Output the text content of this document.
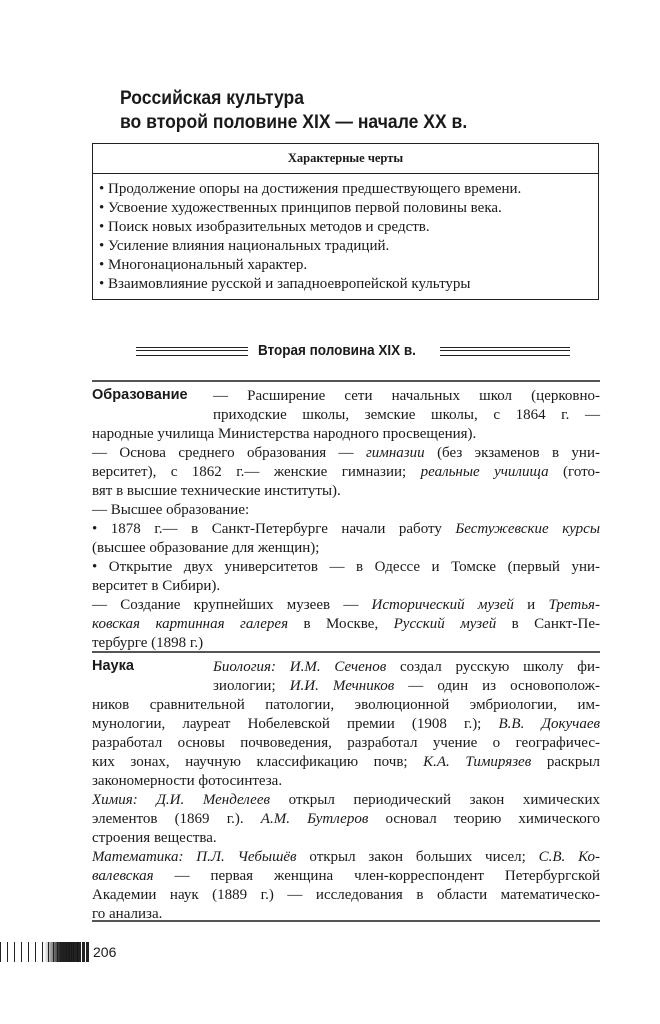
Российская культура
во второй половине XIX — начале XX в.
Характерные черты
• Продолжение опоры на достижения предшествующего времени.
• Усвоение художественных принципов первой половины века.
• Поиск новых изобразительных методов и средств.
• Усиление влияния национальных традиций.
• Многонациональный характер.
• Взаимовлияние русской и западноевропейской культуры
Вторая половина XIX в.
Образование — Расширение сети начальных школ (церковно-
приходские школы, земские школы, с 1864 г. —
народные училища Министерства народного просвещения).
— Основа среднего образования — гимназии (без экзаменов в уни-
верситет), с 1862 г.— женские гимназии; реальные училища (гото-
вят в высшие технические институты).
— Высшее образование:
• 1878 г.— в Санкт-Петербурге начали работу Бестужевские курсы
(высшее образование для женщин);
• Открытие двух университетов — в Одессе и Томске (первый уни-
верситет в Сибири).
— Создание крупнейших музеев — Исторический музей и Третья-
ковская картинная галерея в Москве, Русский музей в Санкт-Пе-
тербурге (1898 г.)
Наука	Биология: И.М. Сеченов создал русскую школу фи-
зиологии; И.И. Мечников — один из основополож-
ников сравнительной патологии, эволюционной эмбриологии, им-
мунологии, лауреат Нобелевской премии (1908 г.); В.В. Докучаев
разработал основы почвоведения, разработал учение о географичес-
ких зонах, научную классификацию почв; К.А. Тимирязев раскрыл
закономерности фотосинтеза.
Химия: Д.И. Менделеев открыл периодический закон химических
элементов (1869 г.). А.М. Бутлеров основал теорию химического
строения вещества.
Математика: П.Л. Чебышёв открыл закон больших чисел; С.В. Ко-
валевская — первая женщина член-корреспондент Петербургской
Академии наук (1889 г.) — исследования в области математическо-
го анализа.
206
